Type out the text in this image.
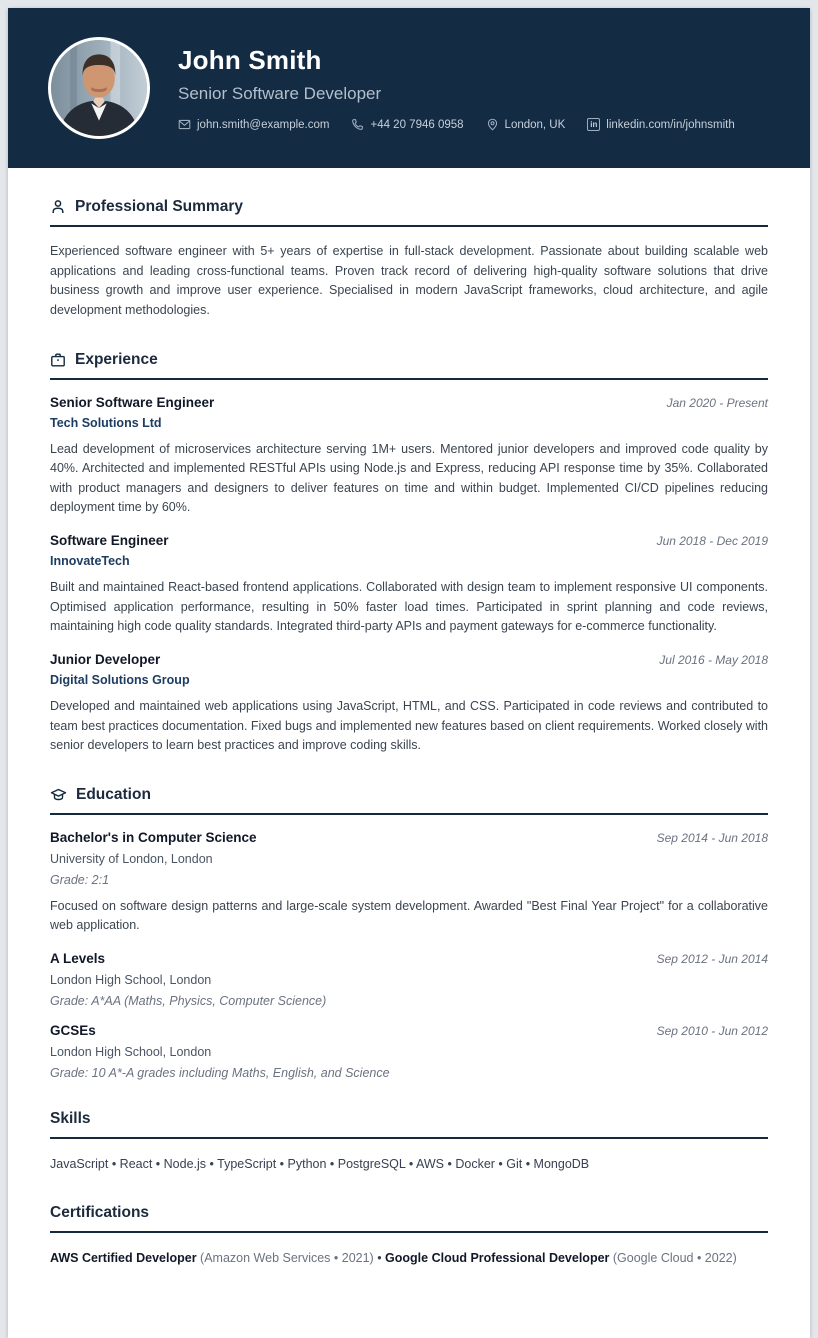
John Smith
Senior Software Developer
john.smith@example.com	+44 20 7946 0958	London, UK	in linkedin.com/in/johnsmith
Professional Summary

Experienced software engineer with 5+ years of expertise in full-stack development. Passionate about building scalable web applications and leading cross-functional teams. Proven track record of delivering high-quality software solutions that drive business growth and improve user experience. Specialised in modern JavaScript frameworks, cloud architecture, and agile development methodologies.

Experience
Senior Software Engineer	Jan 2020 - Present
Tech Solutions Ltd

Lead development of microservices architecture serving 1M+ users. Mentored junior developers and improved code quality by 40%. Architected and implemented RESTful APIs using Node.js and Express, reducing API response time by 35%. Collaborated with product managers and designers to deliver features on time and within budget. Implemented CI/CD pipelines reducing deployment time by 60%.

Software Engineer	Jun 2018 - Dec 2019
InnovateTech

Built and maintained React-based frontend applications. Collaborated with design team to implement responsive UI components. Optimised application performance, resulting in 50% faster load times. Participated in sprint planning and code reviews, maintaining high code quality standards. Integrated third-party APIs and payment gateways for e-commerce functionality.

Junior Developer	Jul 2016 - May 2018
Digital Solutions Group

Developed and maintained web applications using JavaScript, HTML, and CSS. Participated in code reviews and contributed to team best practices documentation. Fixed bugs and implemented new features based on client requirements. Worked closely with senior developers to learn best practices and improve coding skills.

Education
Bachelor's in Computer Science	Sep 2014 - Jun 2018
University of London, London
Grade: 2:1

Focused on software design patterns and large-scale system development. Awarded "Best Final Year Project" for a collaborative web application.

A Levels	Sep 2012 - Jun 2014
London High School, London
Grade: A*AA (Maths, Physics, Computer Science)
GCSEs	Sep 2010 - Jun 2012
London High School, London
Grade: 10 A*-A grades including Maths, English, and Science
Skills
JavaScript • React • Node.js • TypeScript • Python • PostgreSQL • AWS • Docker • Git • MongoDB
Certifications
AWS Certified Developer (Amazon Web Services • 2021) • Google Cloud Professional Developer (Google Cloud • 2022)
